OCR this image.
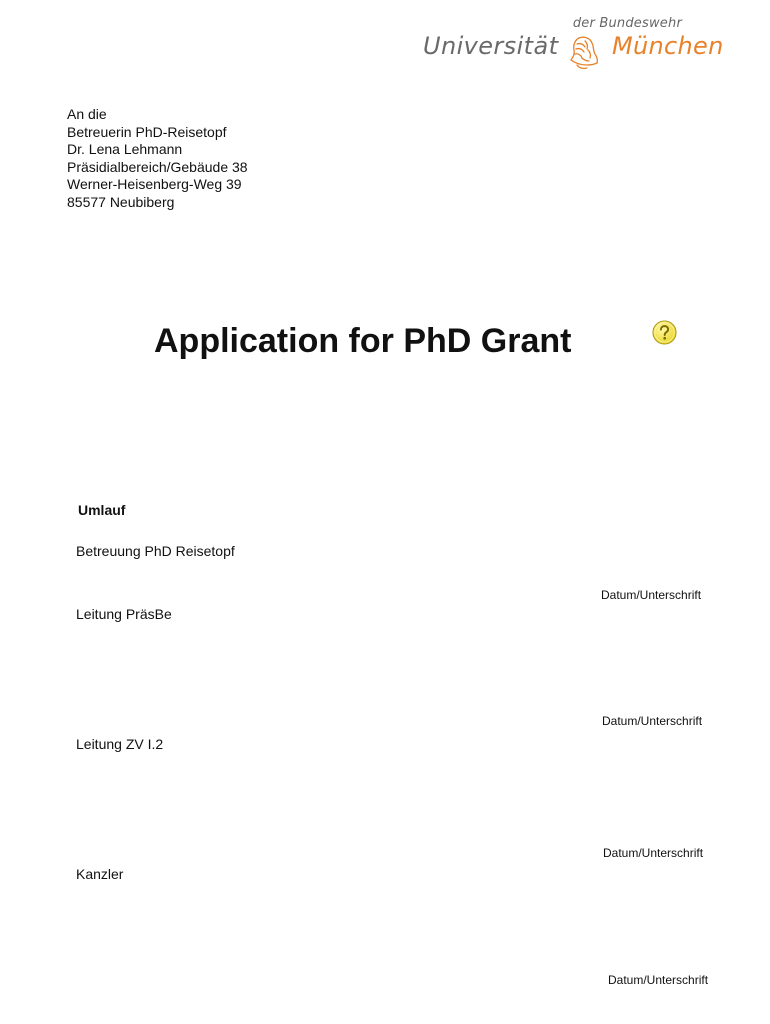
der Bundeswehr
Universität München
An die
Betreuerin PhD-Reisetopf
Dr. Lena Lehmann
Präsidialbereich/Gebäude 38
Werner-Heisenberg-Weg 39
85577 Neubiberg
Application for PhD Grant
Umlauf
Betreuung PhD Reisetopf
Datum/Unterschrift
Leitung PräsBe
Datum/Unterschrift
Leitung ZV I.2
Datum/Unterschrift
Kanzler
Datum/Unterschrift
